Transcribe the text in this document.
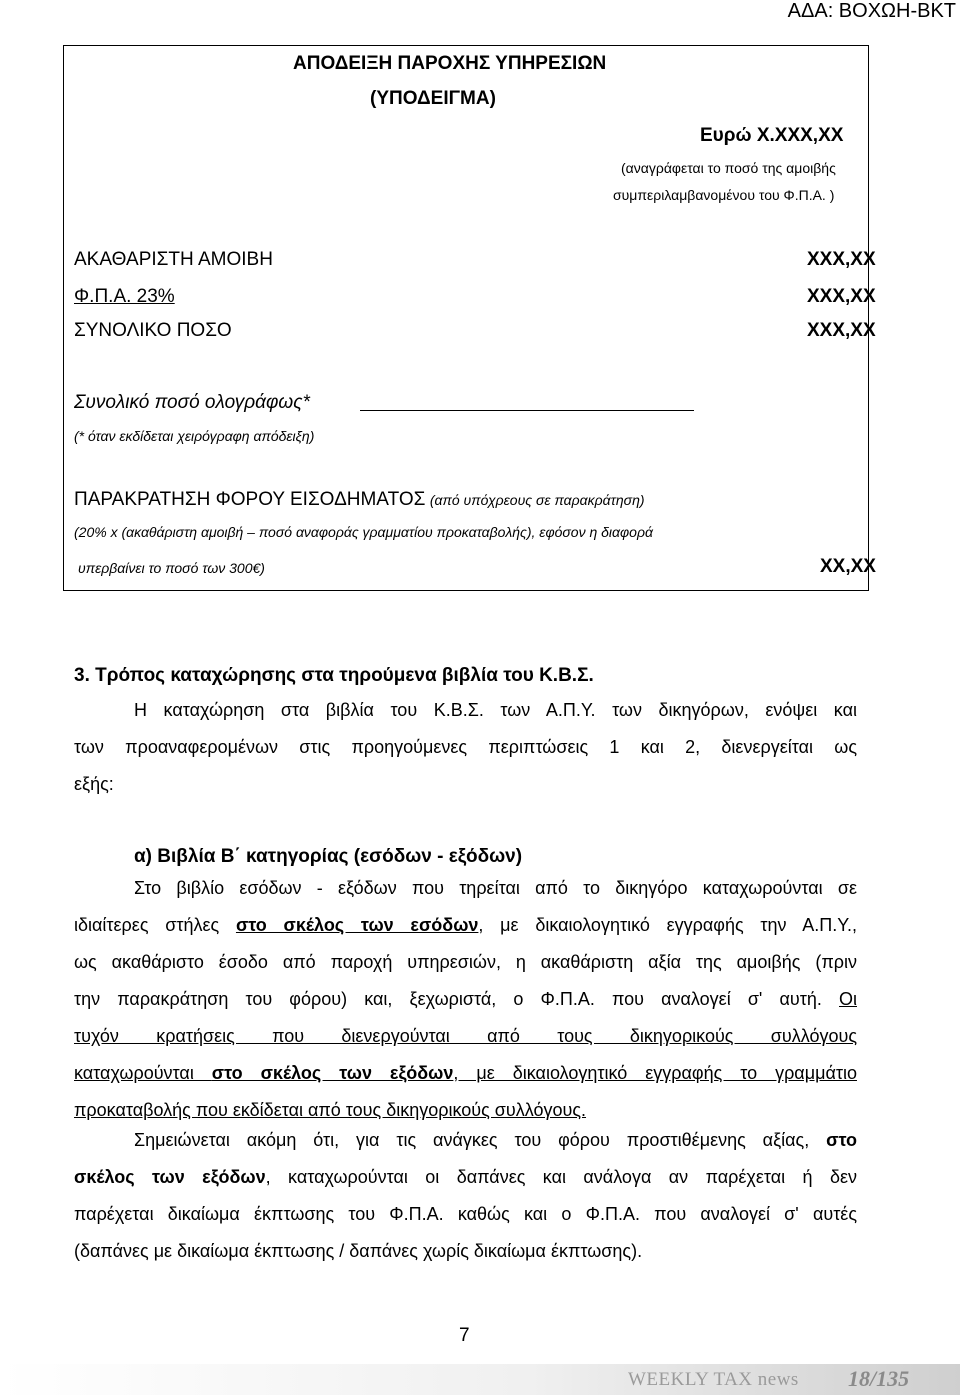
ΑΔΑ: ΒΟΧΩΗ-ΒΚΤ
ΑΠΟΔΕΙΞΗ ΠΑΡΟΧΗΣ ΥΠΗΡΕΣΙΩΝ
(ΥΠΟΔΕΙΓΜΑ)
Ευρώ Χ.ΧΧΧ,ΧΧ
(αναγράφεται το ποσό της αμοιβής
συμπεριλαμβανομένου του Φ.Π.Α. )
ΑΚΑΘΑΡΙΣΤΗ ΑΜΟΙΒΗ	ΧΧΧ,ΧΧ
Φ.Π.Α. 23%	ΧΧΧ,ΧΧ
ΣΥΝΟΛΙΚΟ ΠΟΣΟ	ΧΧΧ,ΧΧ
Συνολικό ποσό ολογράφως*
(* όταν εκδίδεται χειρόγραφη απόδειξη)
ΠΑΡΑΚΡΑΤΗΣΗ ΦΟΡΟΥ ΕΙΣΟΔΗΜΑΤΟΣ (από υπόχρεους σε παρακράτηση)
(20% x (ακαθάριστη αμοιβή – ποσό αναφοράς γραμματίου προκαταβολής), εφόσον η διαφορά
υπερβαίνει το ποσό των 300€)	ΧΧ,ΧΧ
3. Τρόπος καταχώρησης στα τηρούμενα βιβλία του Κ.Β.Σ.
Η καταχώρηση στα βιβλία του Κ.Β.Σ. των Α.Π.Υ. των δικηγόρων, ενόψει και
των προαναφερομένων στις προηγούμενες περιπτώσεις 1 και 2, διενεργείται ως
εξής:
α) Βιβλία Β΄ κατηγορίας (εσόδων - εξόδων)
Στο βιβλίο εσόδων - εξόδων που τηρείται από το δικηγόρο καταχωρούνται σε
ιδιαίτερες στήλες στο σκέλος των εσόδων, με δικαιολογητικό εγγραφής την Α.Π.Υ.,
ως ακαθάριστο έσοδο από παροχή υπηρεσιών, η ακαθάριστη αξία της αμοιβής (πριν
την παρακράτηση του φόρου) και, ξεχωριστά, ο Φ.Π.Α. που αναλογεί σ' αυτή. Οι
τυχόν κρατήσεις που διενεργούνται από τους δικηγορικούς συλλόγους
καταχωρούνται στο σκέλος των εξόδων, με δικαιολογητικό εγγραφής το γραμμάτιο
προκαταβολής που εκδίδεται από τους δικηγορικούς συλλόγους.
Σημειώνεται ακόμη ότι, για τις ανάγκες του φόρου προστιθέμενης αξίας, στο
σκέλος των εξόδων, καταχωρούνται οι δαπάνες και ανάλογα αν παρέχεται ή δεν
παρέχεται δικαίωμα έκπτωσης του Φ.Π.Α. καθώς και ο Φ.Π.Α. που αναλογεί σ' αυτές
(δαπάνες με δικαίωμα έκπτωσης / δαπάνες χωρίς δικαίωμα έκπτωσης).
7
WEEKLY TAX news 18/135
